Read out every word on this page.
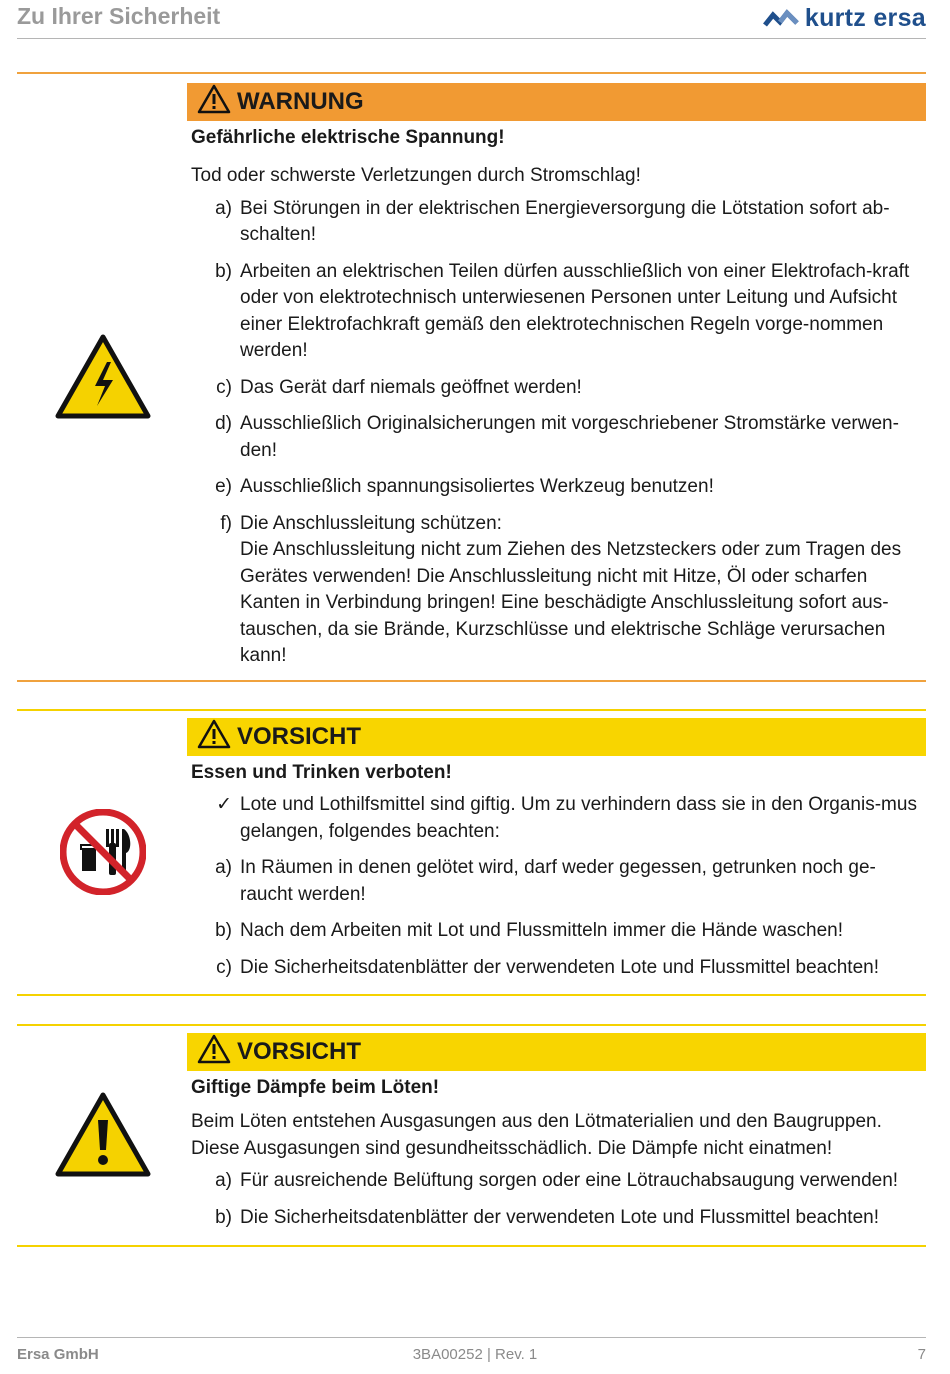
Zu Ihrer Sicherheit	kurtz ersa
WARNUNG
Gefährliche elektrische Spannung!
Tod oder schwerste Verletzungen durch Stromschlag!
a) Bei Störungen in der elektrischen Energieversorgung die Lötstation sofort ab-schalten!
b) Arbeiten an elektrischen Teilen dürfen ausschließlich von einer Elektrofach-kraft oder von elektrotechnisch unterwiesenen Personen unter Leitung und Aufsicht einer Elektrofachkraft gemäß den elektrotechnischen Regeln vorge-nommen werden!
c) Das Gerät darf niemals geöffnet werden!
d) Ausschließlich Originalsicherungen mit vorgeschriebener Stromstärke verwen-den!
e) Ausschließlich spannungsisoliertes Werkzeug benutzen!
f) Die Anschlussleitung schützen:
Die Anschlussleitung nicht zum Ziehen des Netzsteckers oder zum Tragen des Gerätes verwenden! Die Anschlussleitung nicht mit Hitze, Öl oder scharfen Kanten in Verbindung bringen! Eine beschädigte Anschlussleitung sofort aus-tauschen, da sie Brände, Kurzschlüsse und elektrische Schläge verursachen kann!
VORSICHT
Essen und Trinken verboten!
✓ Lote und Lothilfsmittel sind giftig. Um zu verhindern dass sie in den Organis-mus gelangen, folgendes beachten:
a) In Räumen in denen gelötet wird, darf weder gegessen, getrunken noch ge-raucht werden!
b) Nach dem Arbeiten mit Lot und Flussmitteln immer die Hände waschen!
c) Die Sicherheitsdatenblätter der verwendeten Lote und Flussmittel beachten!
VORSICHT
Giftige Dämpfe beim Löten!
Beim Löten entstehen Ausgasungen aus den Lötmaterialien und den Baugruppen. Diese Ausgasungen sind gesundheitsschädlich. Die Dämpfe nicht einatmen!
a) Für ausreichende Belüftung sorgen oder eine Lötrauchabsaugung verwenden!
b) Die Sicherheitsdatenblätter der verwendeten Lote und Flussmittel beachten!
Ersa GmbH	3BA00252 | Rev. 1	7
